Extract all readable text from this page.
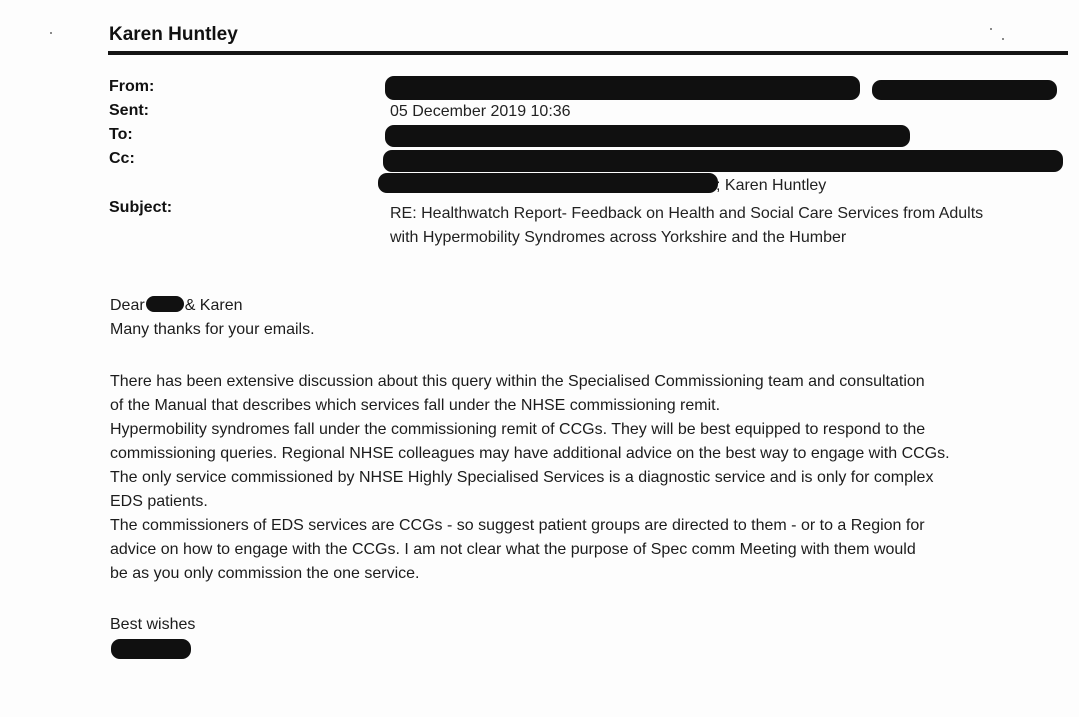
Karen Huntley
From:
Sent:	05 December 2019 10:36
To:
Cc:
; Karen Huntley
Subject:	RE: Healthwatch Report- Feedback on Health and Social Care Services from Adults
with Hypermobility Syndromes across Yorkshire and the Humber
Dear	& Karen
Many thanks for your emails.
There has been extensive discussion about this query within the Specialised Commissioning team and consultation
of the Manual that describes which services fall under the NHSE commissioning remit.
Hypermobility syndromes fall under the commissioning remit of CCGs. They will be best equipped to respond to the
commissioning queries. Regional NHSE colleagues may have additional advice on the best way to engage with CCGs.
The only service commissioned by NHSE Highly Specialised Services is a diagnostic service and is only for complex
EDS patients.
The commissioners of EDS services are CCGs - so suggest patient groups are directed to them - or to a Region for
advice on how to engage with the CCGs. I am not clear what the purpose of Spec comm Meeting with them would
be as you only commission the one service.
Best wishes
